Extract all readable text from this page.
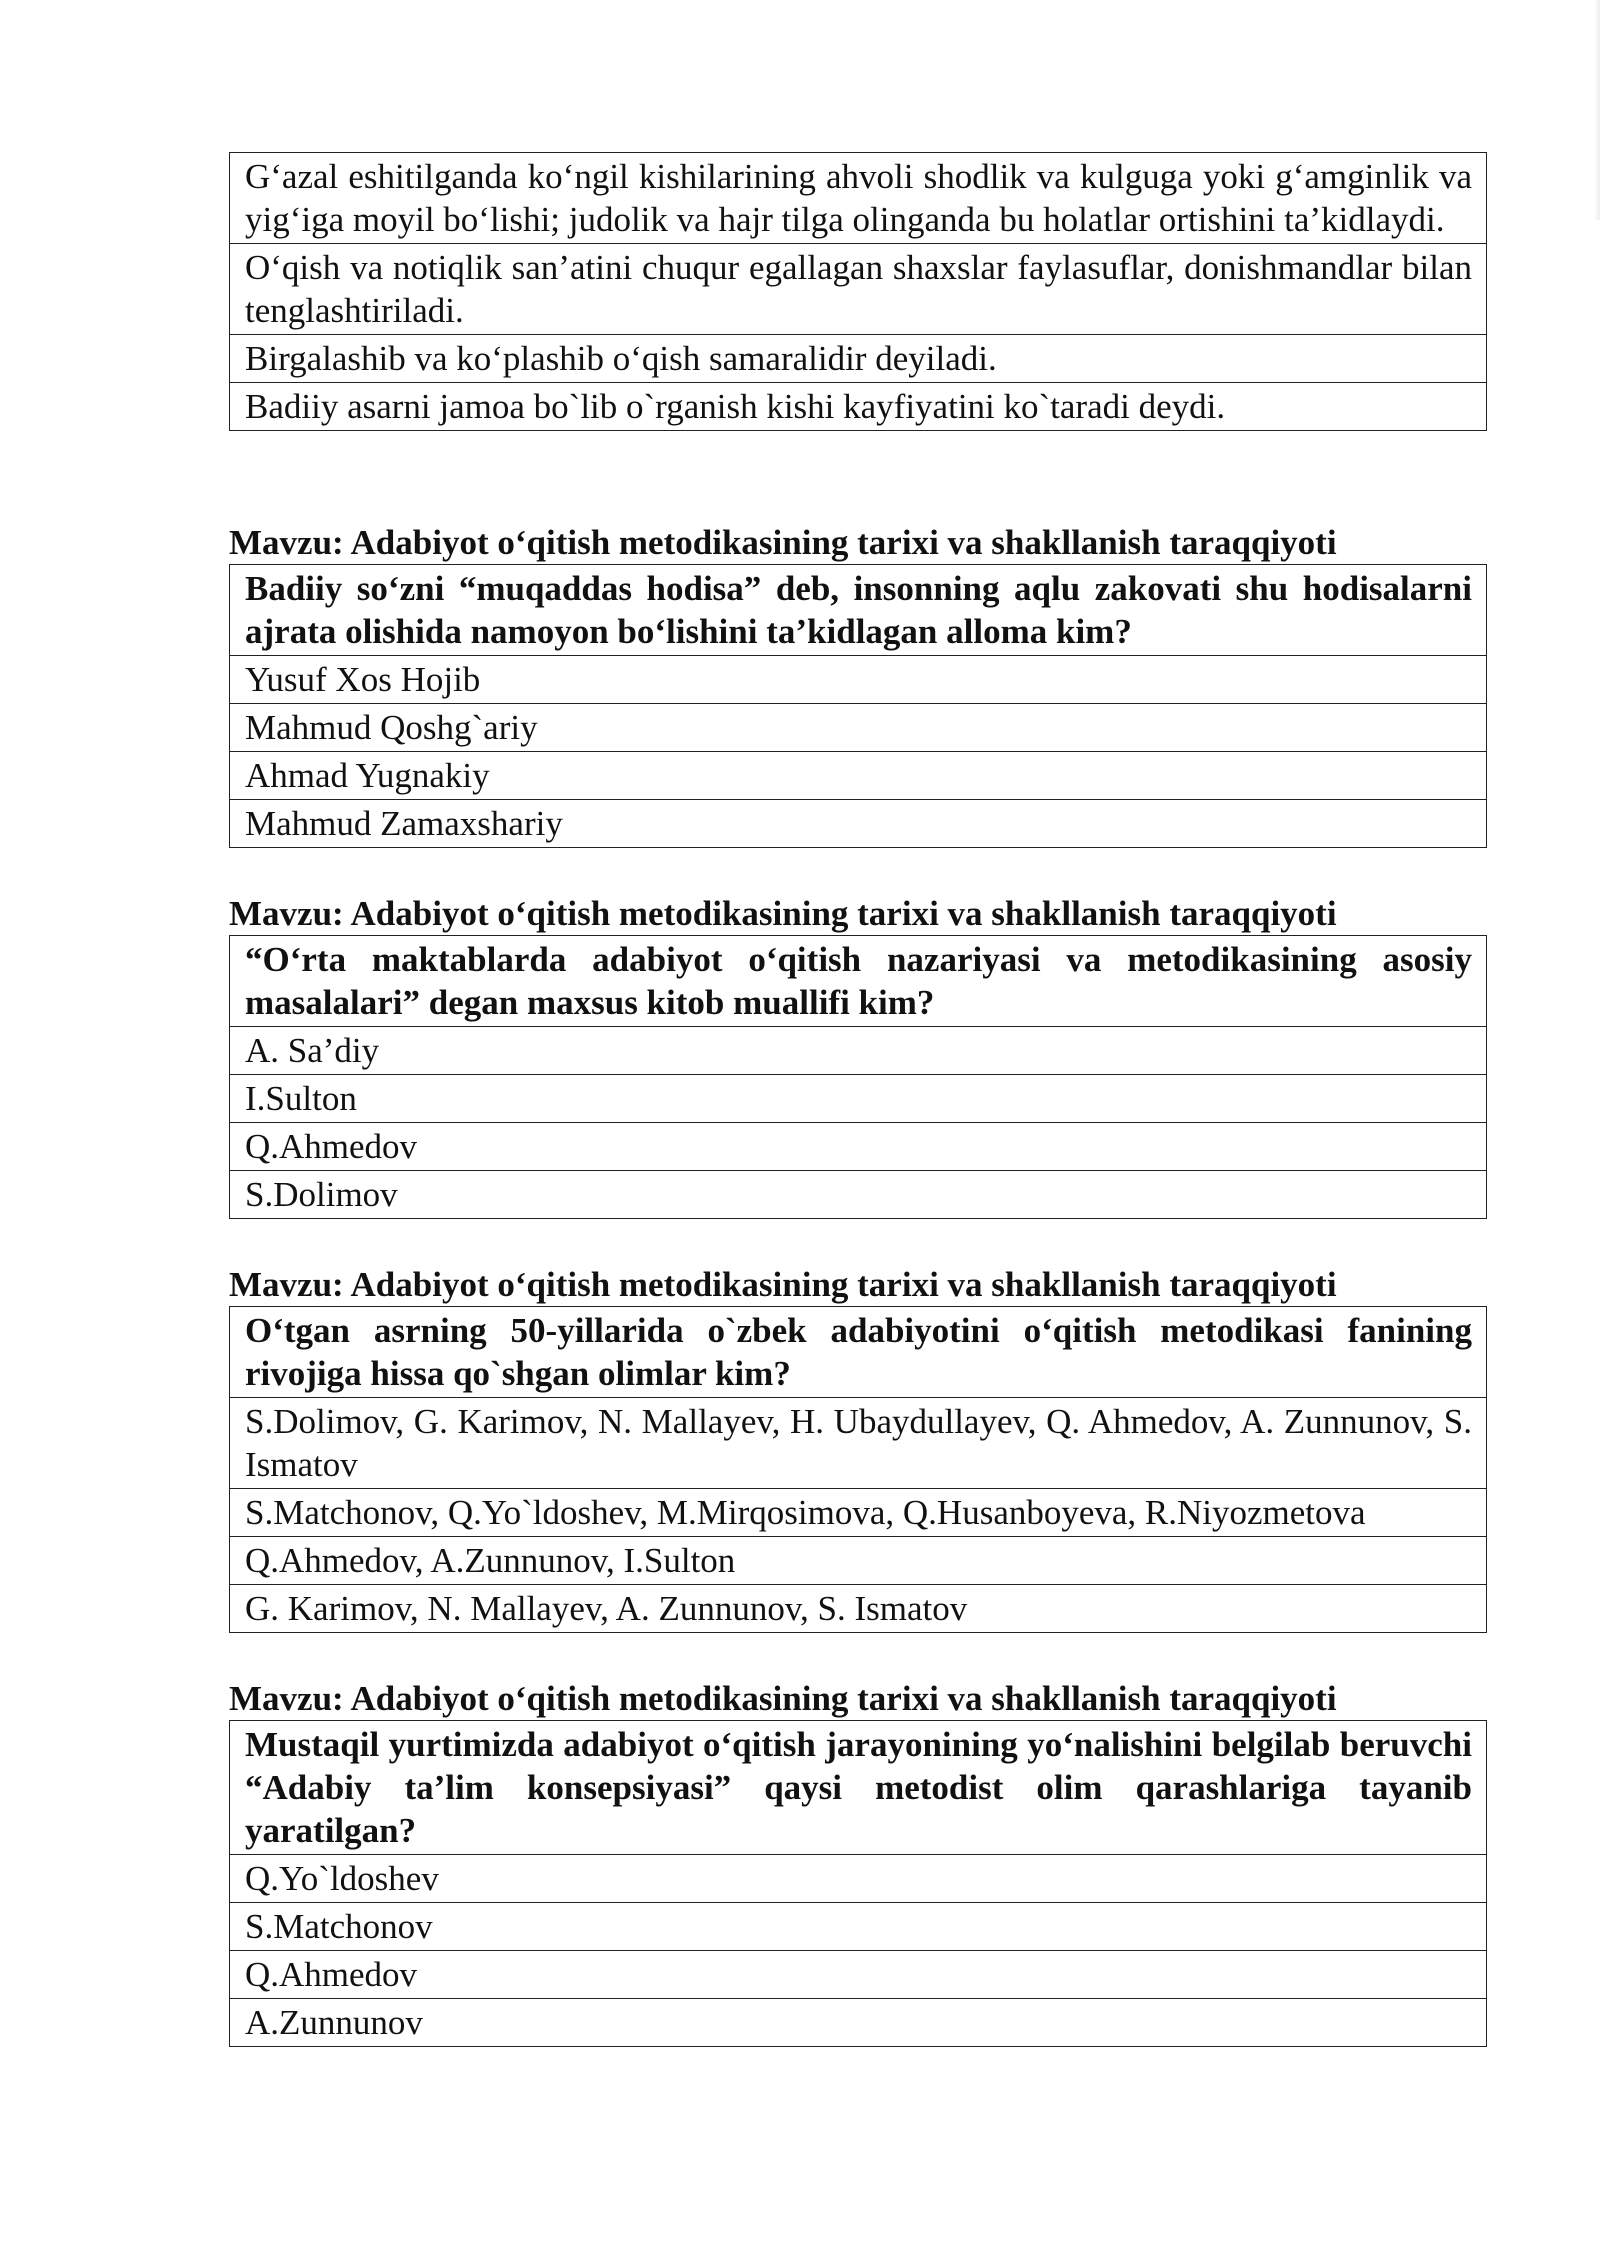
G‘azal eshitilganda ko‘ngil kishilarining ahvoli shodlik va kulguga yoki g‘amginlik va yig‘iga moyil bo‘lishi; judolik va hajr tilga olinganda bu holatlar ortishini ta’kidlaydi.
O‘qish va notiqlik san’atini chuqur egallagan shaxslar faylasuflar, donishmandlar bilan tenglashtiriladi.
Birgalashib va ko‘plashib o‘qish samaralidir deyiladi.
Badiiy asarni jamoa bo`lib o`rganish kishi kayfiyatini ko`taradi deydi.

Mavzu: Adabiyot o‘qitish metodikasining tarixi va shakllanish taraqqiyoti

Badiiy so‘zni “muqaddas hodisa” deb, insonning aqlu zakovati shu hodisalarni ajrata olishida namoyon bo‘lishini ta’kidlagan alloma kim?
Yusuf Xos Hojib
Mahmud Qoshg`ariy
Ahmad Yugnakiy
Mahmud Zamaxshariy

Mavzu: Adabiyot o‘qitish metodikasining tarixi va shakllanish taraqqiyoti

“O‘rta maktablarda adabiyot o‘qitish nazariyasi va metodikasining asosiy masalalari” degan maxsus kitob muallifi kim?
A. Sa’diy
I.Sulton
Q.Ahmedov
S.Dolimov

Mavzu: Adabiyot o‘qitish metodikasining tarixi va shakllanish taraqqiyoti

O‘tgan asrning 50-yillarida o`zbek adabiyotini o‘qitish metodikasi fanining rivojiga hissa qo`shgan olimlar kim?
S.Dolimov, G. Karimov, N. Mallayev, H. Ubaydullayev, Q. Ahmedov, A. Zunnunov, S. Ismatov
S.Matchonov, Q.Yo`ldoshev, M.Mirqosimova, Q.Husanboyeva, R.Niyozmetova
Q.Ahmedov, A.Zunnunov, I.Sulton
G. Karimov, N. Mallayev, A. Zunnunov, S. Ismatov

Mavzu: Adabiyot o‘qitish metodikasining tarixi va shakllanish taraqqiyoti

Mustaqil yurtimizda adabiyot o‘qitish jarayonining yo‘nalishini belgilab beruvchi “Adabiy ta’lim konsepsiyasi” qaysi metodist olim qarashlariga tayanib yaratilgan?
Q.Yo`ldoshev
S.Matchonov
Q.Ahmedov
A.Zunnunov
